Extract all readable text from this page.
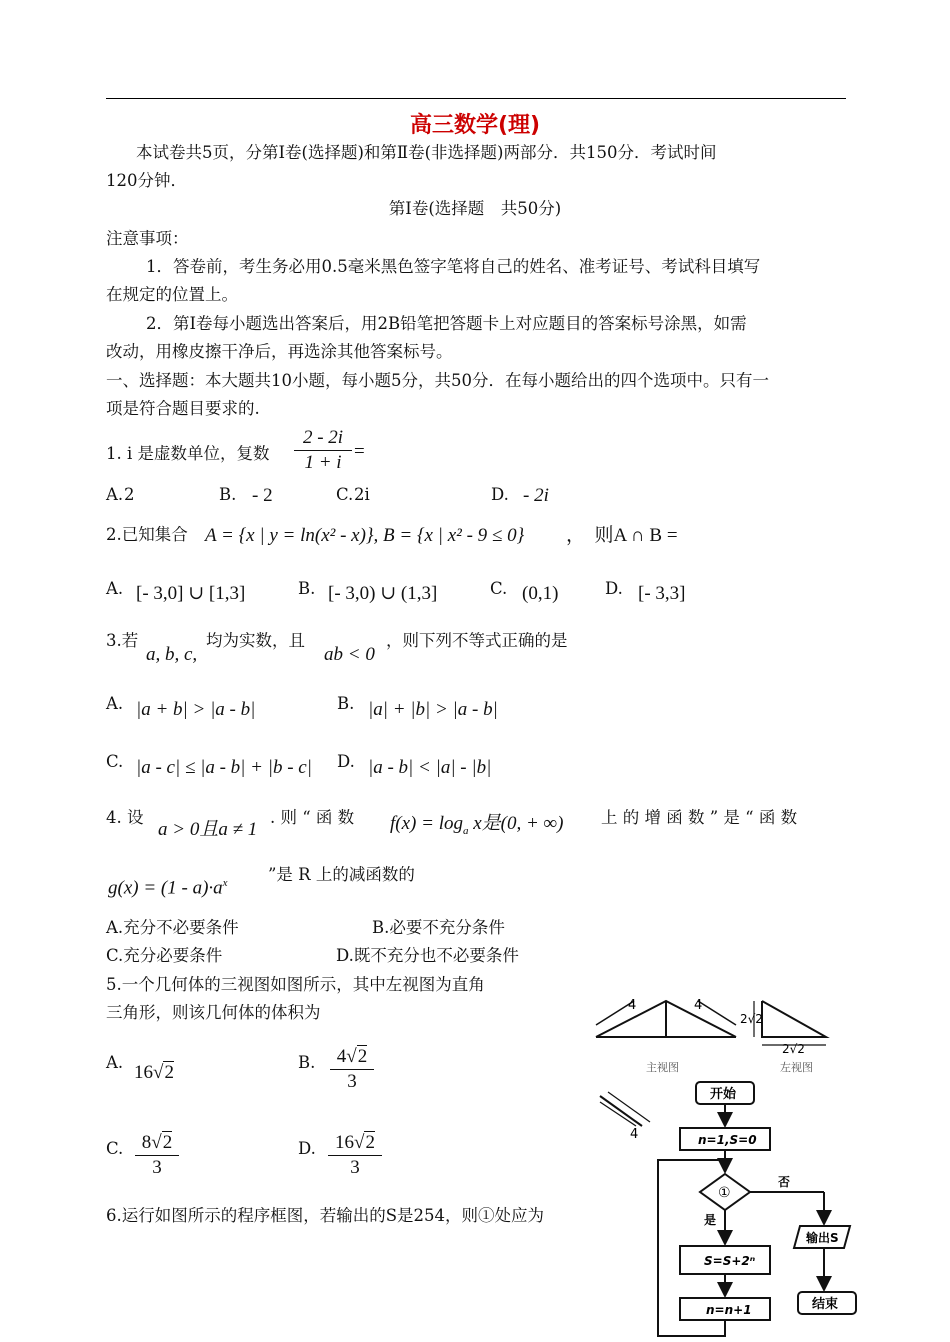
高三数学(理)
本试卷共5页，分第Ⅰ卷(选择题)和第Ⅱ卷(非选择题)两部分．共150分．考试时间
120分钟．
第Ⅰ卷(选择题　共50分)
注意事项：
1．答卷前，考生务必用0.5毫米黑色签字笔将自己的姓名、准考证号、考试科目填写
在规定的位置上。
2．第Ⅰ卷每小题选出答案后，用2B铅笔把答题卡上对应题目的答案标号涂黑，如需
改动，用橡皮擦干净后，再选涂其他答案标号。
一、选择题：本大题共10小题，每小题5分，共50分．在每小题给出的四个选项中。只有一
项是符合题目要求的.
1. i 是虚数单位，复数 $\frac{2 - 2i}{1 + i}$ =
A. 2	B. - 2	C. 2i	D. - 2i
2.已知集合 A = {x | y = ln(x² - x)}, B = {x | x² - 9 ≤ 0} ，　则A ∩ B =
A. [- 3,0] ∪ [1,3]	B. [- 3,0) ∪ (1,3]	C. (0,1)	D. [- 3,3]
3.若
a, b, c,
均为实数，且
ab < 0
，则下列不等式正确的是
A. |a + b| > |a - b|	B. |a| + |b| > |a - b|
C. |a - c| ≤ |a - b| + |b - c| D. |a - b| < |a| - |b|
4. 设
a > 0且a ≠ 1
. 则 “ 函 数 $f(x) = \log_a x$是(0, + ∞) 上 的 增 函 数 ” 是 “ 函 数
$g(x) = (1 - a)\cdot a^x$ ”是 R 上的减函数的
A.充分不必要条件	B.必要不充分条件
C.充分必要条件	D.既不充分也不必要条件
5.一个几何体的三视图如图所示，其中左视图为直角
三角形，则该几何体的体积为
A. 16√2	B. $\frac{4√2}{3}$
C. $\frac{8√2}{3}$	D. $\frac{16√2}{3}$
6.运行如图所示的程序框图，若输出的S是254，则①处应为
4	4
主视图
2√2
2√2
左视图
4
开始
n=1,S=0
①
否
是
输出S
S=S+2ⁿ
n=n+1	结束
